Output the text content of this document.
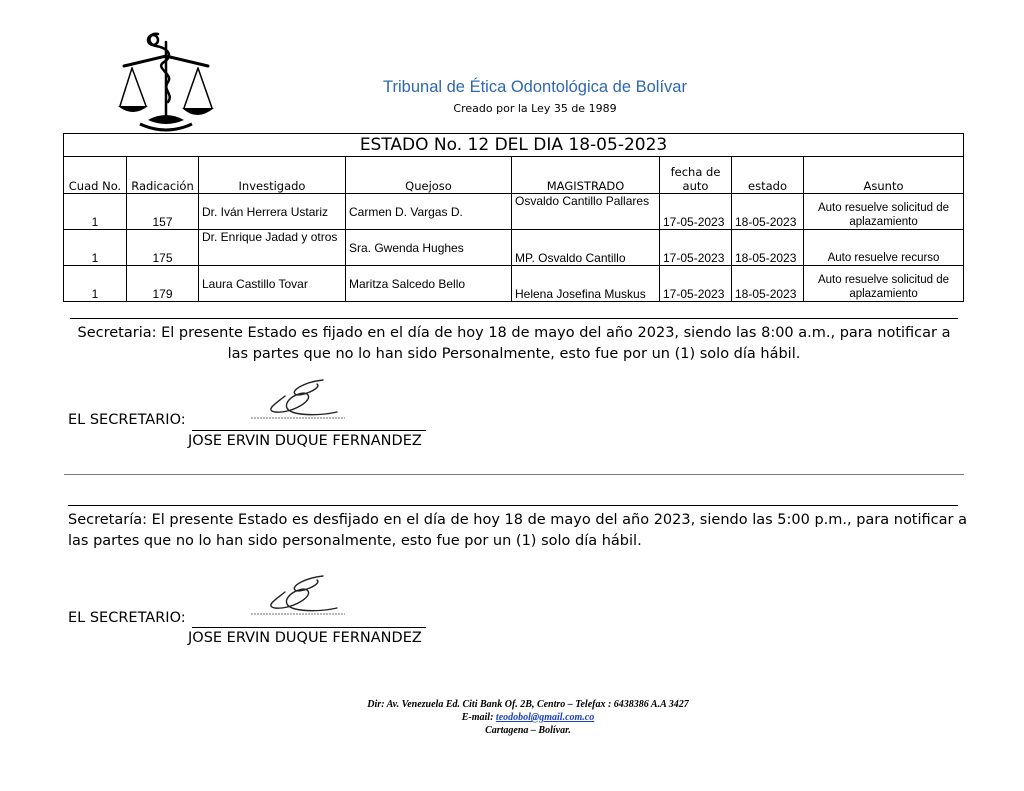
Tribunal de Ética Odontológica de Bolívar
Creado por la Ley 35 de 1989
ESTADO No. 12 DEL DIA 18-05-2023							
Cuad No.	Radicación	Investigado	Quejoso	MAGISTRADO	fecha de auto	estado	Asunto
1	157	Dr. Iván Herrera Ustariz	Carmen D. Vargas D.	Osvaldo Cantillo Pallares	17-05-2023	18-05-2023	Auto resuelve solicitud de aplazamiento
1	175	Dr. Enrique Jadad y otros	Sra. Gwenda Hughes	MP. Osvaldo Cantillo	17-05-2023	18-05-2023	Auto resuelve recurso
1	179	Laura Castillo Tovar	Maritza Salcedo Bello	Helena Josefina Muskus	17-05-2023	18-05-2023	Auto resuelve solicitud de aplazamiento
Secretaria: El presente Estado es fijado en el día de hoy 18 de mayo del año 2023, siendo las 8:00 a.m., para notificar a las partes que no lo han sido Personalmente, esto fue por un (1) solo día hábil.
EL SECRETARIO:
JOSE ERVIN DUQUE FERNANDEZ
Secretaría: El presente Estado es desfijado en el día de hoy 18 de mayo del año 2023, siendo las 5:00 p.m., para notificar a las partes que no lo han sido personalmente, esto fue por un (1) solo día hábil.
EL SECRETARIO:
JOSE ERVIN DUQUE FERNANDEZ
Dir: Av. Venezuela Ed. Citi Bank Of. 2B, Centro – Telefax : 6438386 A.A 3427
E-mail: teodobol@gmail.com.co
Cartagena – Bolívar.
